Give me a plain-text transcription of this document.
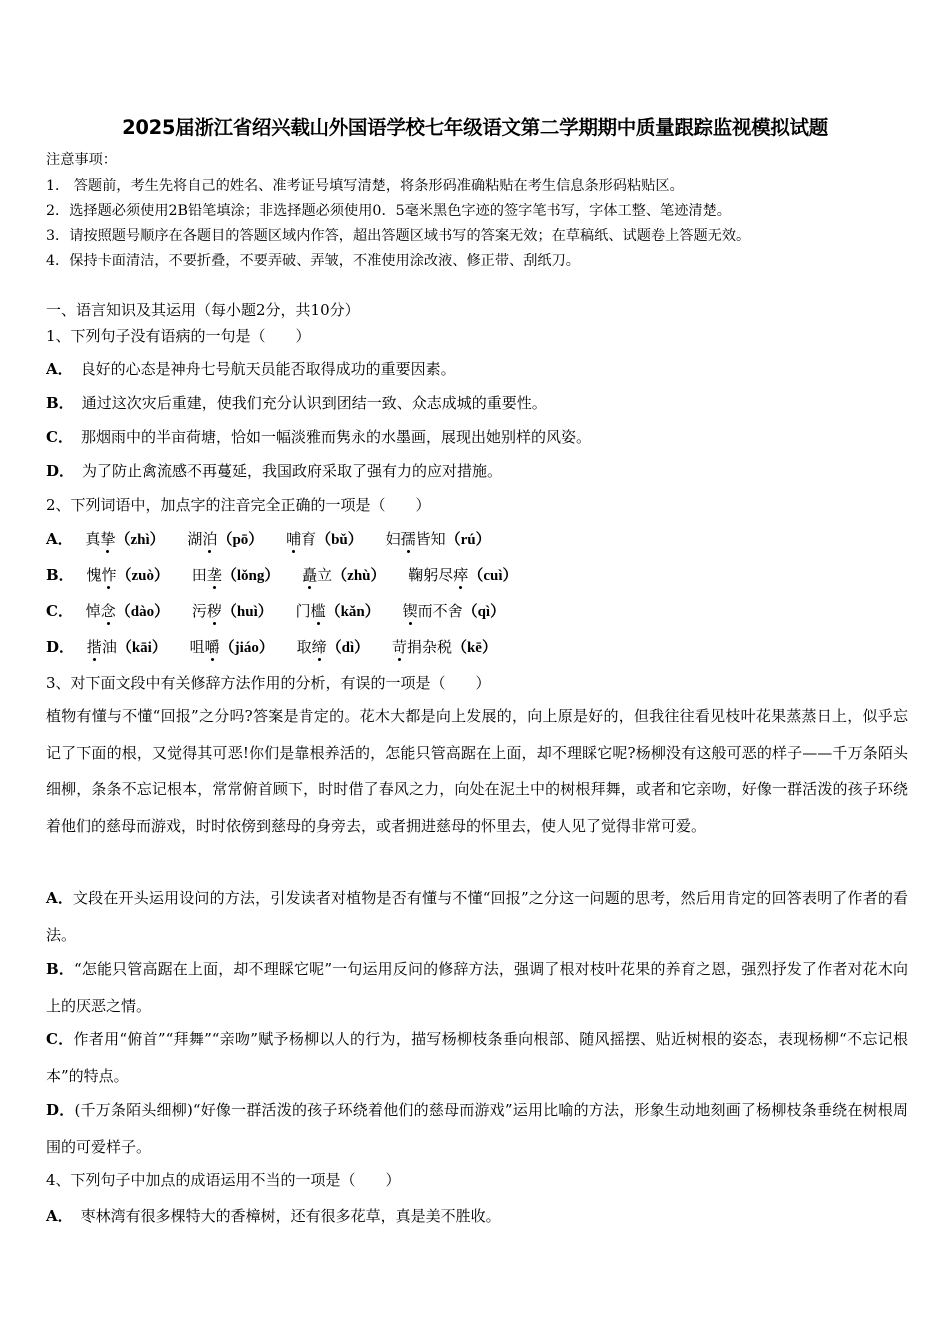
2025届浙江省绍兴载山外国语学校七年级语文第二学期期中质量跟踪监视模拟试题
注意事项：
1． 答题前，考生先将自己的姓名、准考证号填写清楚，将条形码准确粘贴在考生信息条形码粘贴区。
2．选择题必须使用2B铅笔填涂；非选择题必须使用0．5毫米黑色字迹的签字笔书写，字体工整、笔迹清楚。
3．请按照题号顺序在各题目的答题区域内作答，超出答题区域书写的答案无效；在草稿纸、试题卷上答题无效。
4．保持卡面清洁，不要折叠，不要弄破、弄皱，不准使用涂改液、修正带、刮纸刀。
一、语言知识及其运用（每小题2分，共10分）
1、下列句子没有语病的一句是（　　）
A． 良好的心态是神舟七号航天员能否取得成功的重要因素。
B． 通过这次灾后重建，使我们充分认识到团结一致、众志成城的重要性。
C． 那烟雨中的半亩荷塘，恰如一幅淡雅而隽永的水墨画，展现出她别样的风姿。
D． 为了防止禽流感不再蔓延，我国政府采取了强有力的应对措施。
2、下列词语中，加点字的注音完全正确的一项是（　　）
A． 真挚（zhì） 湖泊（pō） 哺育（bǔ） 妇孺皆知（rú）
B． 愧怍（zuò） 田垄（lǒng） 矗立（zhù） 鞠躬尽瘁（cuì）
C． 悼念（dào） 污秽（huì） 门槛（kǎn） 锲而不舍（qì）
D． 揩油（kāi） 咀嚼（jiáo） 取缔（dì） 苛捐杂税（kē）
3、对下面文段中有关修辞方法作用的分析，有误的一项是（　　）
植物有懂与不懂“回报”之分吗?答案是肯定的。花木大都是向上发展的，向上原是好的，但我往往看见枝叶花果蒸蒸日上，似乎忘记了下面的根，又觉得其可恶!你们是靠根养活的，怎能只管高踞在上面，却不理睬它呢?杨柳没有这般可恶的样子——千万条陌头细柳，条条不忘记根本，常常俯首顾下，时时借了春风之力，向处在泥土中的树根拜舞，或者和它亲吻，好像一群活泼的孩子环绕着他们的慈母而游戏，时时依傍到慈母的身旁去，或者拥进慈母的怀里去，使人见了觉得非常可爱。
A．文段在开头运用设问的方法，引发读者对植物是否有懂与不懂“回报”之分这一问题的思考，然后用肯定的回答表明了作者的看法。
B．“怎能只管高踞在上面，却不理睬它呢”一句运用反问的修辞方法，强调了根对枝叶花果的养育之恩，强烈抒发了作者对花木向上的厌恶之情。
C．作者用“俯首”“拜舞”“亲吻”赋予杨柳以人的行为，描写杨柳枝条垂向根部、随风摇摆、贴近树根的姿态，表现杨柳“不忘记根本”的特点。
D．(千万条陌头细柳)“好像一群活泼的孩子环绕着他们的慈母而游戏”运用比喻的方法，形象生动地刻画了杨柳枝条垂绕在树根周围的可爱样子。
4、下列句子中加点的成语运用不当的一项是（　　）
A． 枣林湾有很多棵特大的香樟树，还有很多花草，真是美不胜收。
